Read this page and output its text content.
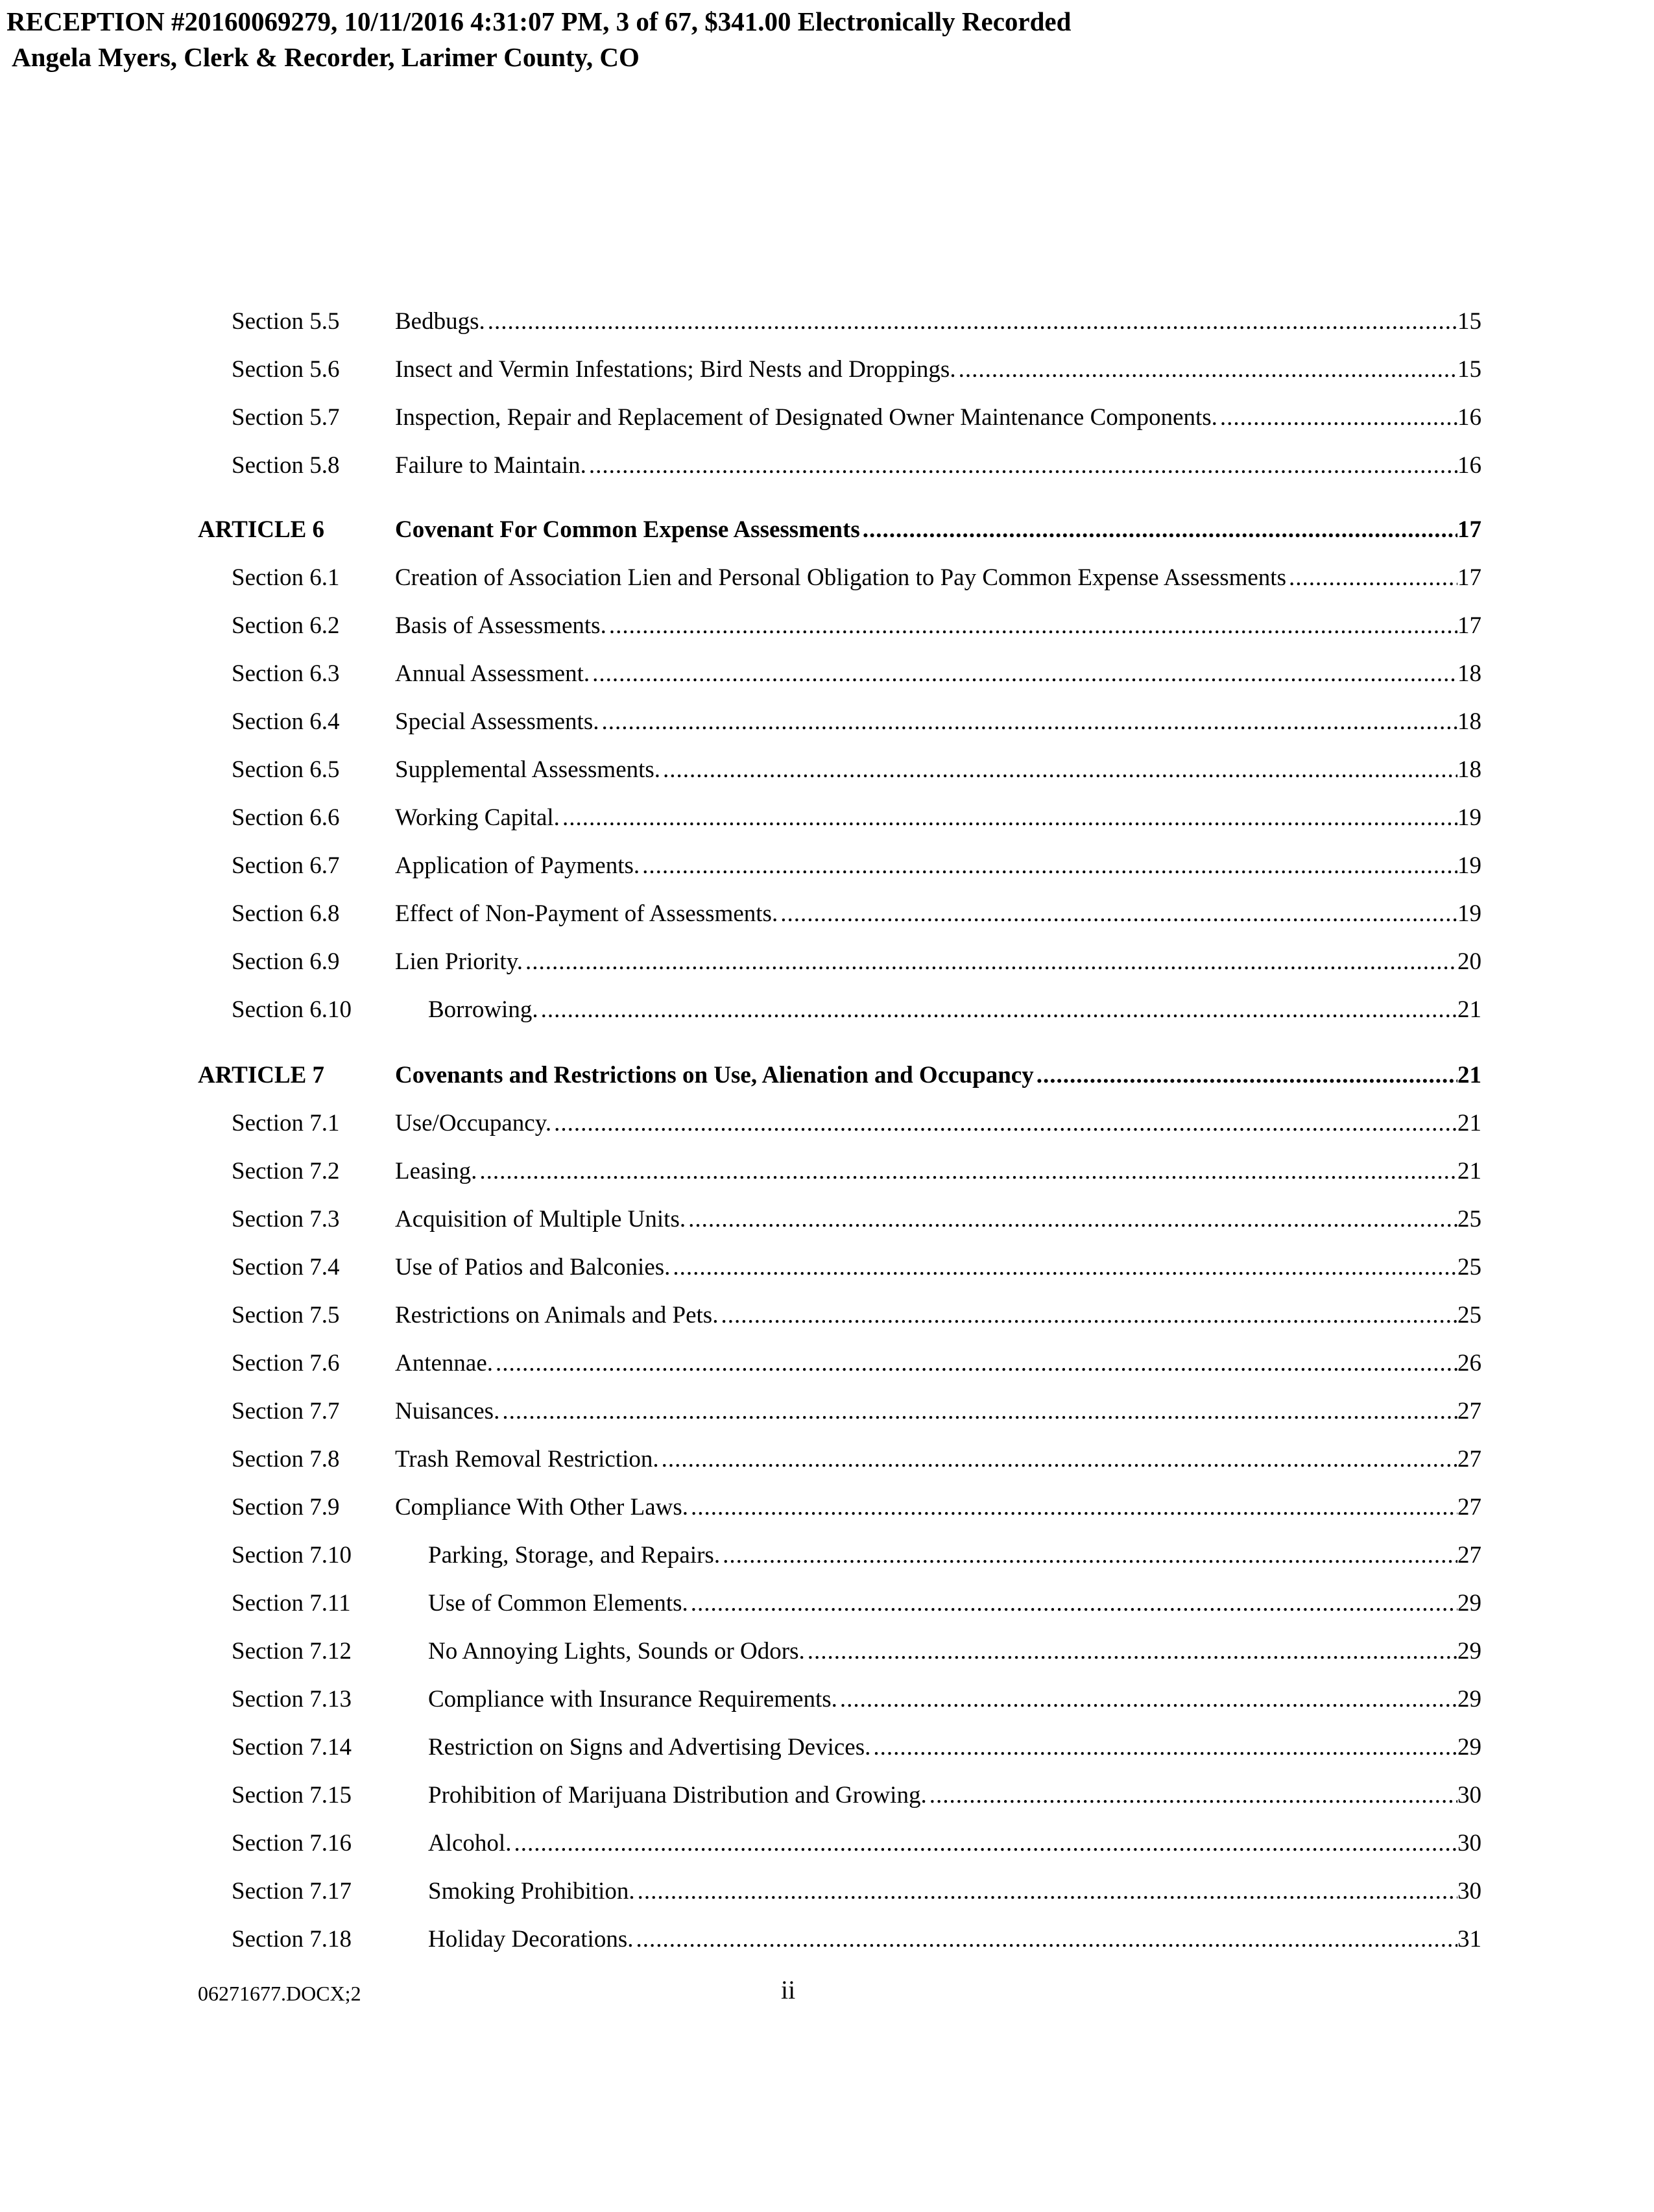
RECEPTION #20160069279, 10/11/2016 4:31:07 PM, 3 of 67, $341.00 Electronically Recorded
Angela Myers, Clerk & Recorder, Larimer County, CO
Section 5.5 Bedbugs. .....	15
Section 5.6 Insect and Vermin Infestations; Bird Nests and Droppings. .....	15
Section 5.7 Inspection, Repair and Replacement of Designated Owner Maintenance Components. .....	16
Section 5.8 Failure to Maintain. .....	16
ARTICLE 6	Covenant For Common Expense Assessments .....	17
Section 6.1 Creation of Association Lien and Personal Obligation to Pay Common Expense Assessments .....	17
Section 6.2 Basis of Assessments. .....	17
Section 6.3 Annual Assessment. .....	18
Section 6.4 Special Assessments. .....	18
Section 6.5 Supplemental Assessments. .....	18
Section 6.6 Working Capital. .....	19
Section 6.7 Application of Payments. .....	19
Section 6.8 Effect of Non-Payment of Assessments. .....	19
Section 6.9 Lien Priority. .....	20
Section 6.10	Borrowing. .....	21
ARTICLE 7	Covenants and Restrictions on Use, Alienation and Occupancy .....	21
Section 7.1 Use/Occupancy. .....	21
Section 7.2 Leasing. .....	21
Section 7.3 Acquisition of Multiple Units. .....	25
Section 7.4 Use of Patios and Balconies. .....	25
Section 7.5 Restrictions on Animals and Pets. .....	25
Section 7.6 Antennae. .....	26
Section 7.7 Nuisances. .....	27
Section 7.8 Trash Removal Restriction. .....	27
Section 7.9 Compliance With Other Laws. .....	27
Section 7.10	Parking, Storage, and Repairs. .....	27
Section 7.11	Use of Common Elements. .....	29
Section 7.12	No Annoying Lights, Sounds or Odors. .....	29
Section 7.13	Compliance with Insurance Requirements. .....	29
Section 7.14	Restriction on Signs and Advertising Devices. .....	29
Section 7.15	Prohibition of Marijuana Distribution and Growing. .....	30
Section 7.16	Alcohol. .....	30
Section 7.17	Smoking Prohibition. .....	30
Section 7.18	Holiday Decorations. .....	31
06271677.DOCX;2	ii
